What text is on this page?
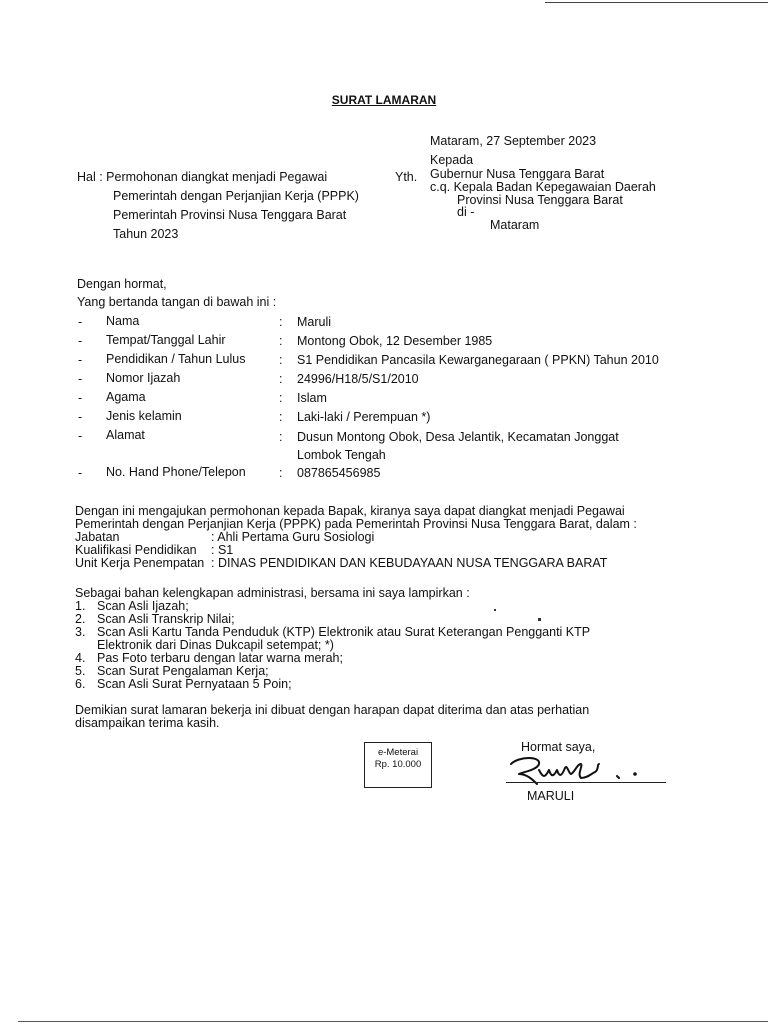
SURAT LAMARAN
Mataram, 27 September 2023
Kepada
Yth. Gubernur Nusa Tenggara Barat
c.q. Kepala Badan Kepegawaian Daerah
Provinsi Nusa Tenggara Barat
di -
Mataram
Hal : Permohonan diangkat menjadi Pegawai
Pemerintah dengan Perjanjian Kerja (PPPK)
Pemerintah Provinsi Nusa Tenggara Barat
Tahun 2023
Dengan hormat,
Yang bertanda tangan di bawah ini :
- Nama	: Maruli
- Tempat/Tanggal Lahir	: Montong Obok, 12 Desember 1985
- Pendidikan / Tahun Lulus	: S1 Pendidikan Pancasila Kewarganegaraan ( PPKN) Tahun 2010
- Nomor Ijazah	: 24996/H18/5/S1/2010
- Agama	: Islam
- Jenis kelamin	: Laki-laki / Perempuan *)
- Alamat	: Dusun Montong Obok, Desa Jelantik, Kecamatan Jonggat
Lombok Tengah
- No. Hand Phone/Telepon	: 087865456985
Dengan ini mengajukan permohonan kepada Bapak, kiranya saya dapat diangkat menjadi Pegawai
Pemerintah dengan Perjanjian Kerja (PPPK) pada Pemerintah Provinsi Nusa Tenggara Barat, dalam :
Jabatan	: Ahli Pertama Guru Sosiologi
Kualifikasi Pendidikan : S1
Unit Kerja Penempatan : DINAS PENDIDIKAN DAN KEBUDAYAAN NUSA TENGGARA BARAT
Sebagai bahan kelengkapan administrasi, bersama ini saya lampirkan :
1. Scan Asli Ijazah;
2. Scan Asli Transkrip Nilai;
3. Scan Asli Kartu Tanda Penduduk (KTP) Elektronik atau Surat Keterangan Pengganti KTP
Elektronik dari Dinas Dukcapil setempat; *)
4. Pas Foto terbaru dengan latar warna merah;
5. Scan Surat Pengalaman Kerja;
6. Scan Asli Surat Pernyataan 5 Poin;
Demikian surat lamaran bekerja ini dibuat dengan harapan dapat diterima dan atas perhatian
disampaikan terima kasih.
e-Meterai
Rp. 10.000
Hormat saya,
MARULI
